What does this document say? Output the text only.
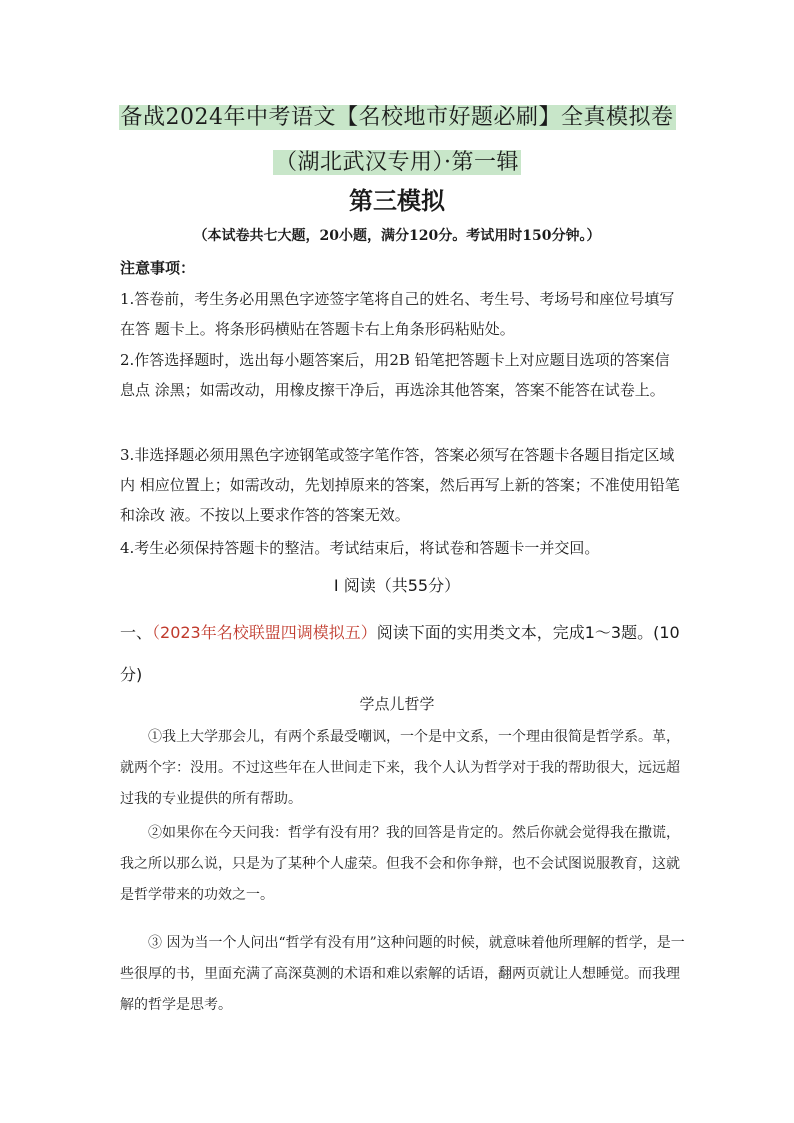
备战2024年中考语文【名校地市好题必刷】全真模拟卷
（湖北武汉专用）·第一辑
第三模拟
（本试卷共七大题，20小题，满分120分。考试用时150分钟。）
注意事项：

1.答卷前，考生务必用黑色字迹签字笔将自己的姓名、考生号、考场号和座位号填写在答 题卡上。将条形码横贴在答题卡右上角条形码粘贴处。

2.作答选择题时，选出每小题答案后，用2B 铅笔把答题卡上对应题目选项的答案信息点 涂黑；如需改动，用橡皮擦干净后，再选涂其他答案，答案不能答在试卷上。

3.非选择题必须用黑色字迹钢笔或签字笔作答，答案必须写在答题卡各题目指定区域内 相应位置上；如需改动，先划掉原来的答案，然后再写上新的答案；不准使用铅笔和涂改 液。不按以上要求作答的答案无效。

4.考生必须保持答题卡的整洁。考试结束后，将试卷和答题卡一并交回。

Ⅰ 阅读（共55分）

一、（2023年名校联盟四调模拟五）阅读下面的实用类文本，完成1～3题。(10分)

学点儿哲学

①我上大学那会儿，有两个系最受嘲讽，一个是中文系，一个理由很简是哲学系。革，就两个字：没用。不过这些年在人世间走下来，我个人认为哲学对于我的帮助很大，远远超过我的专业提供的所有帮助。

②如果你在今天问我：哲学有没有用？我的回答是肯定的。然后你就会觉得我在撒谎，我之所以那么说，只是为了某种个人虚荣。但我不会和你争辩，也不会试图说服教育，这就是哲学带来的功效之一。

③ 因为当一个人问出“哲学有没有用”这种问题的时候，就意味着他所理解的哲学，是一些很厚的书，里面充满了高深莫测的术语和难以索解的话语，翻两页就让人想睡觉。而我理解的哲学是思考。
